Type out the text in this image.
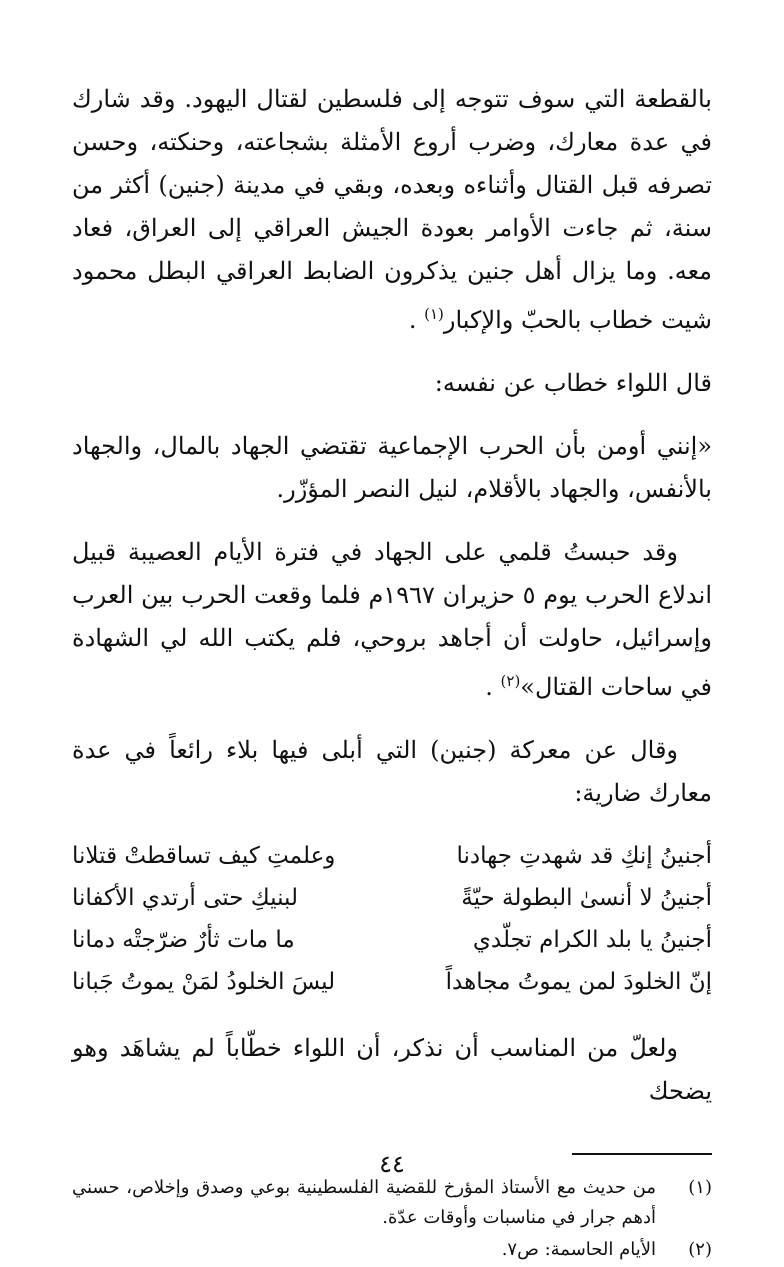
بالقطعة التي سوف تتوجه إلى فلسطين لقتال اليهود. وقد شارك في عدة معارك، وضرب أروع الأمثلة بشجاعته، وحنكته، وحسن تصرفه قبل القتال وأثناءه وبعده، وبقي في مدينة (جنين) أكثر من سنة، ثم جاءت الأوامر بعودة الجيش العراقي إلى العراق، فعاد معه. وما يزال أهل جنين يذكرون الضابط العراقي البطل محمود شيت خطاب بالحبّ والإكبار$^{(١)}$ .

قال اللواء خطاب عن نفسه:

«إنني أومن بأن الحرب الإجماعية تقتضي الجهاد بالمال، والجهاد بالأنفس، والجهاد بالأقلام، لنيل النصر المؤزّر.

وقد حبستُ قلمي على الجهاد في فترة الأيام العصيبة قبيل اندلاع الحرب يوم ٥ حزيران ١٩٦٧م فلما وقعت الحرب بين العرب وإسرائيل، حاولت أن أجاهد بروحي، فلم يكتب الله لي الشهادة في ساحات القتال»$^{(٢)}$ .

وقال عن معركة (جنين) التي أبلى فيها بلاء رائعاً في عدة معارك ضارية:

أجنينُ إنكِ قد شهدتِ جهادنا
وعلمتِ كيف تساقطتْ قتلانا
أجنينُ لا أنسىٰ البطولة حيّةً
لبنيكِ حتى أرتدي الأكفانا
أجنينُ يا بلد الكرام تجلّدي
ما مات ثأرٌ ضرّجتْه دمانا
إنّ الخلودَ لمن يموتُ مجاهداً
ليسَ الخلودُ لمَنْ يموتُ جَبانا

ولعلّ من المناسب أن نذكر، أن اللواء خطّاباً لم يشاهَد وهو يضحك

(١)
من حديث مع الأستاذ المؤرخ للقضية الفلسطينية بوعي وصدق وإخلاص، حسني أدهم جرار في مناسبات وأوقات عدّة.
(٢)
الأيام الحاسمة: ص٧.
٤٤
